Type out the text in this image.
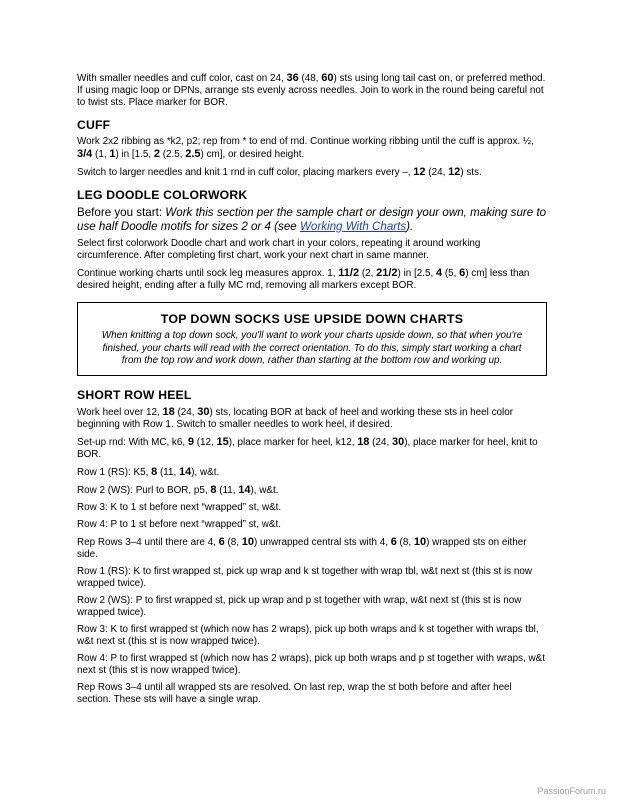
With smaller needles and cuff color, cast on 24, 36 (48, 60) sts using long tail cast on, or preferred method. If using magic loop or DPNs, arrange sts evenly across needles. Join to work in the round being careful not to twist sts. Place marker for BOR.

CUFF

Work 2x2 ribbing as *k2, p2; rep from * to end of rnd. Continue working ribbing until the cuff is approx. ½, 3/4 (1, 1) in [1.5, 2 (2.5, 2.5) cm], or desired height.

Switch to larger needles and knit 1 rnd in cuff color, placing markers every –, 12 (24, 12) sts.

LEG DOODLE COLORWORK

Before you start: Work this section per the sample chart or design your own, making sure to use half Doodle motifs for sizes 2 or 4 (see Working With Charts).

Select first colorwork Doodle chart and work chart in your colors, repeating it around working circumference. After completing first chart, work your next chart in same manner.

Continue working charts until sock leg measures approx. 1, 11/2 (2, 21/2) in [2.5, 4 (5, 6) cm] less than desired height, ending after a fully MC rnd, removing all markers except BOR.

TOP DOWN SOCKS USE UPSIDE DOWN CHARTS

When knitting a top down sock, you'll want to work your charts upside down, so that when you're finished, your charts will read with the correct orientation. To do this, simply start working a chart from the top row and work down, rather than starting at the bottom row and working up.

SHORT ROW HEEL

Work heel over 12, 18 (24, 30) sts, locating BOR at back of heel and working these sts in heel color beginning with Row 1. Switch to smaller needles to work heel, if desired.

Set-up rnd: With MC, k6, 9 (12, 15), place marker for heel, k12, 18 (24, 30), place marker for heel, knit to BOR.

Row 1 (RS): K5, 8 (11, 14), w&t.

Row 2 (WS): Purl to BOR, p5, 8 (11, 14), w&t.

Row 3: K to 1 st before next “wrapped” st, w&t.

Row 4: P to 1 st before next “wrapped” st, w&t.

Rep Rows 3–4 until there are 4, 6 (8, 10) unwrapped central sts with 4, 6 (8, 10) wrapped sts on either side.

Row 1 (RS): K to first wrapped st, pick up wrap and k st together with wrap tbl, w&t next st (this st is now wrapped twice).

Row 2 (WS): P to first wrapped st, pick up wrap and p st together with wrap, w&t next st (this st is now wrapped twice).

Row 3: K to first wrapped st (which now has 2 wraps), pick up both wraps and k st together with wraps tbl, w&t next st (this st is now wrapped twice).

Row 4: P to first wrapped st (which now has 2 wraps), pick up both wraps and p st together with wraps, w&t next st (this st is now wrapped twice).

Rep Rows 3–4 until all wrapped sts are resolved. On last rep, wrap the st both before and after heel section. These sts will have a single wrap.

PassionForum.ru
